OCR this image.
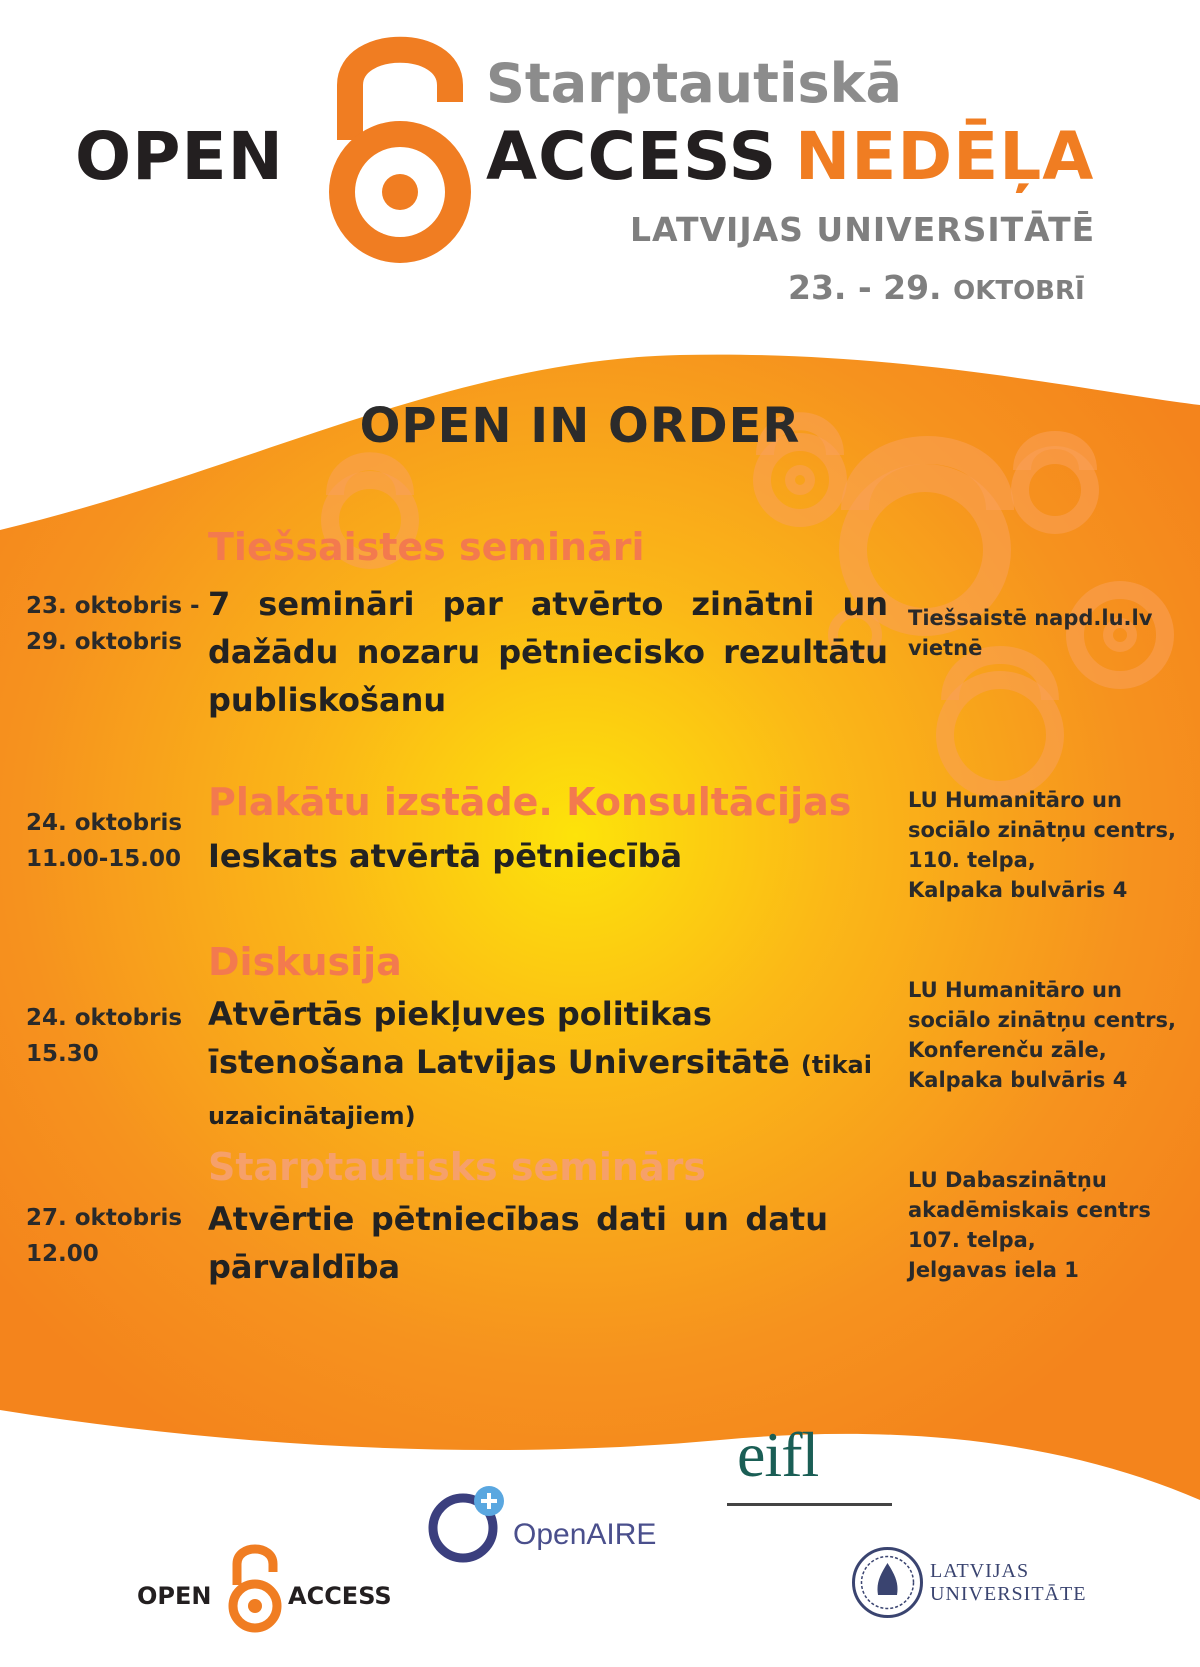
Starptautiskā
OPEN	ACCESS NEDĒĻA
LATVIJAS UNIVERSITĀTĒ
23. - 29. OKTOBRĪ
OPEN IN ORDER
Tiešsaistes semināri
23. oktobris -
29. oktobris
7 semināri par atvērto zinātni un dažādu nozaru pētniecisko rezultātu publiskošanu
Tiešsaistē napd.lu.lv
vietnē
Plakātu izstāde. Konsultācijas
24. oktobris
11.00-15.00 Ieskats atvērtā pētniecībā
LU Humanitāro un
sociālo zinātņu centrs,
110. telpa,
Kalpaka bulvāris 4
Diskusija
24. oktobris
15.30
Atvērtās piekļuves politikas īstenošana Latvijas Universitātē (tikai uzaicinātajiem)
LU Humanitāro un
sociālo zinātņu centrs,
Konferenču zāle,
Kalpaka bulvāris 4
Starptautisks seminārs
27. oktobris
12.00
Atvērtie pētniecības dati un datu pārvaldība
LU Dabaszinātņu
akadēmiskais centrs
107. telpa,
Jelgavas iela 1
OPEN	ACCESS
OpenAIRE
eifl
LATVIJAS
UNIVERSITĀTE
